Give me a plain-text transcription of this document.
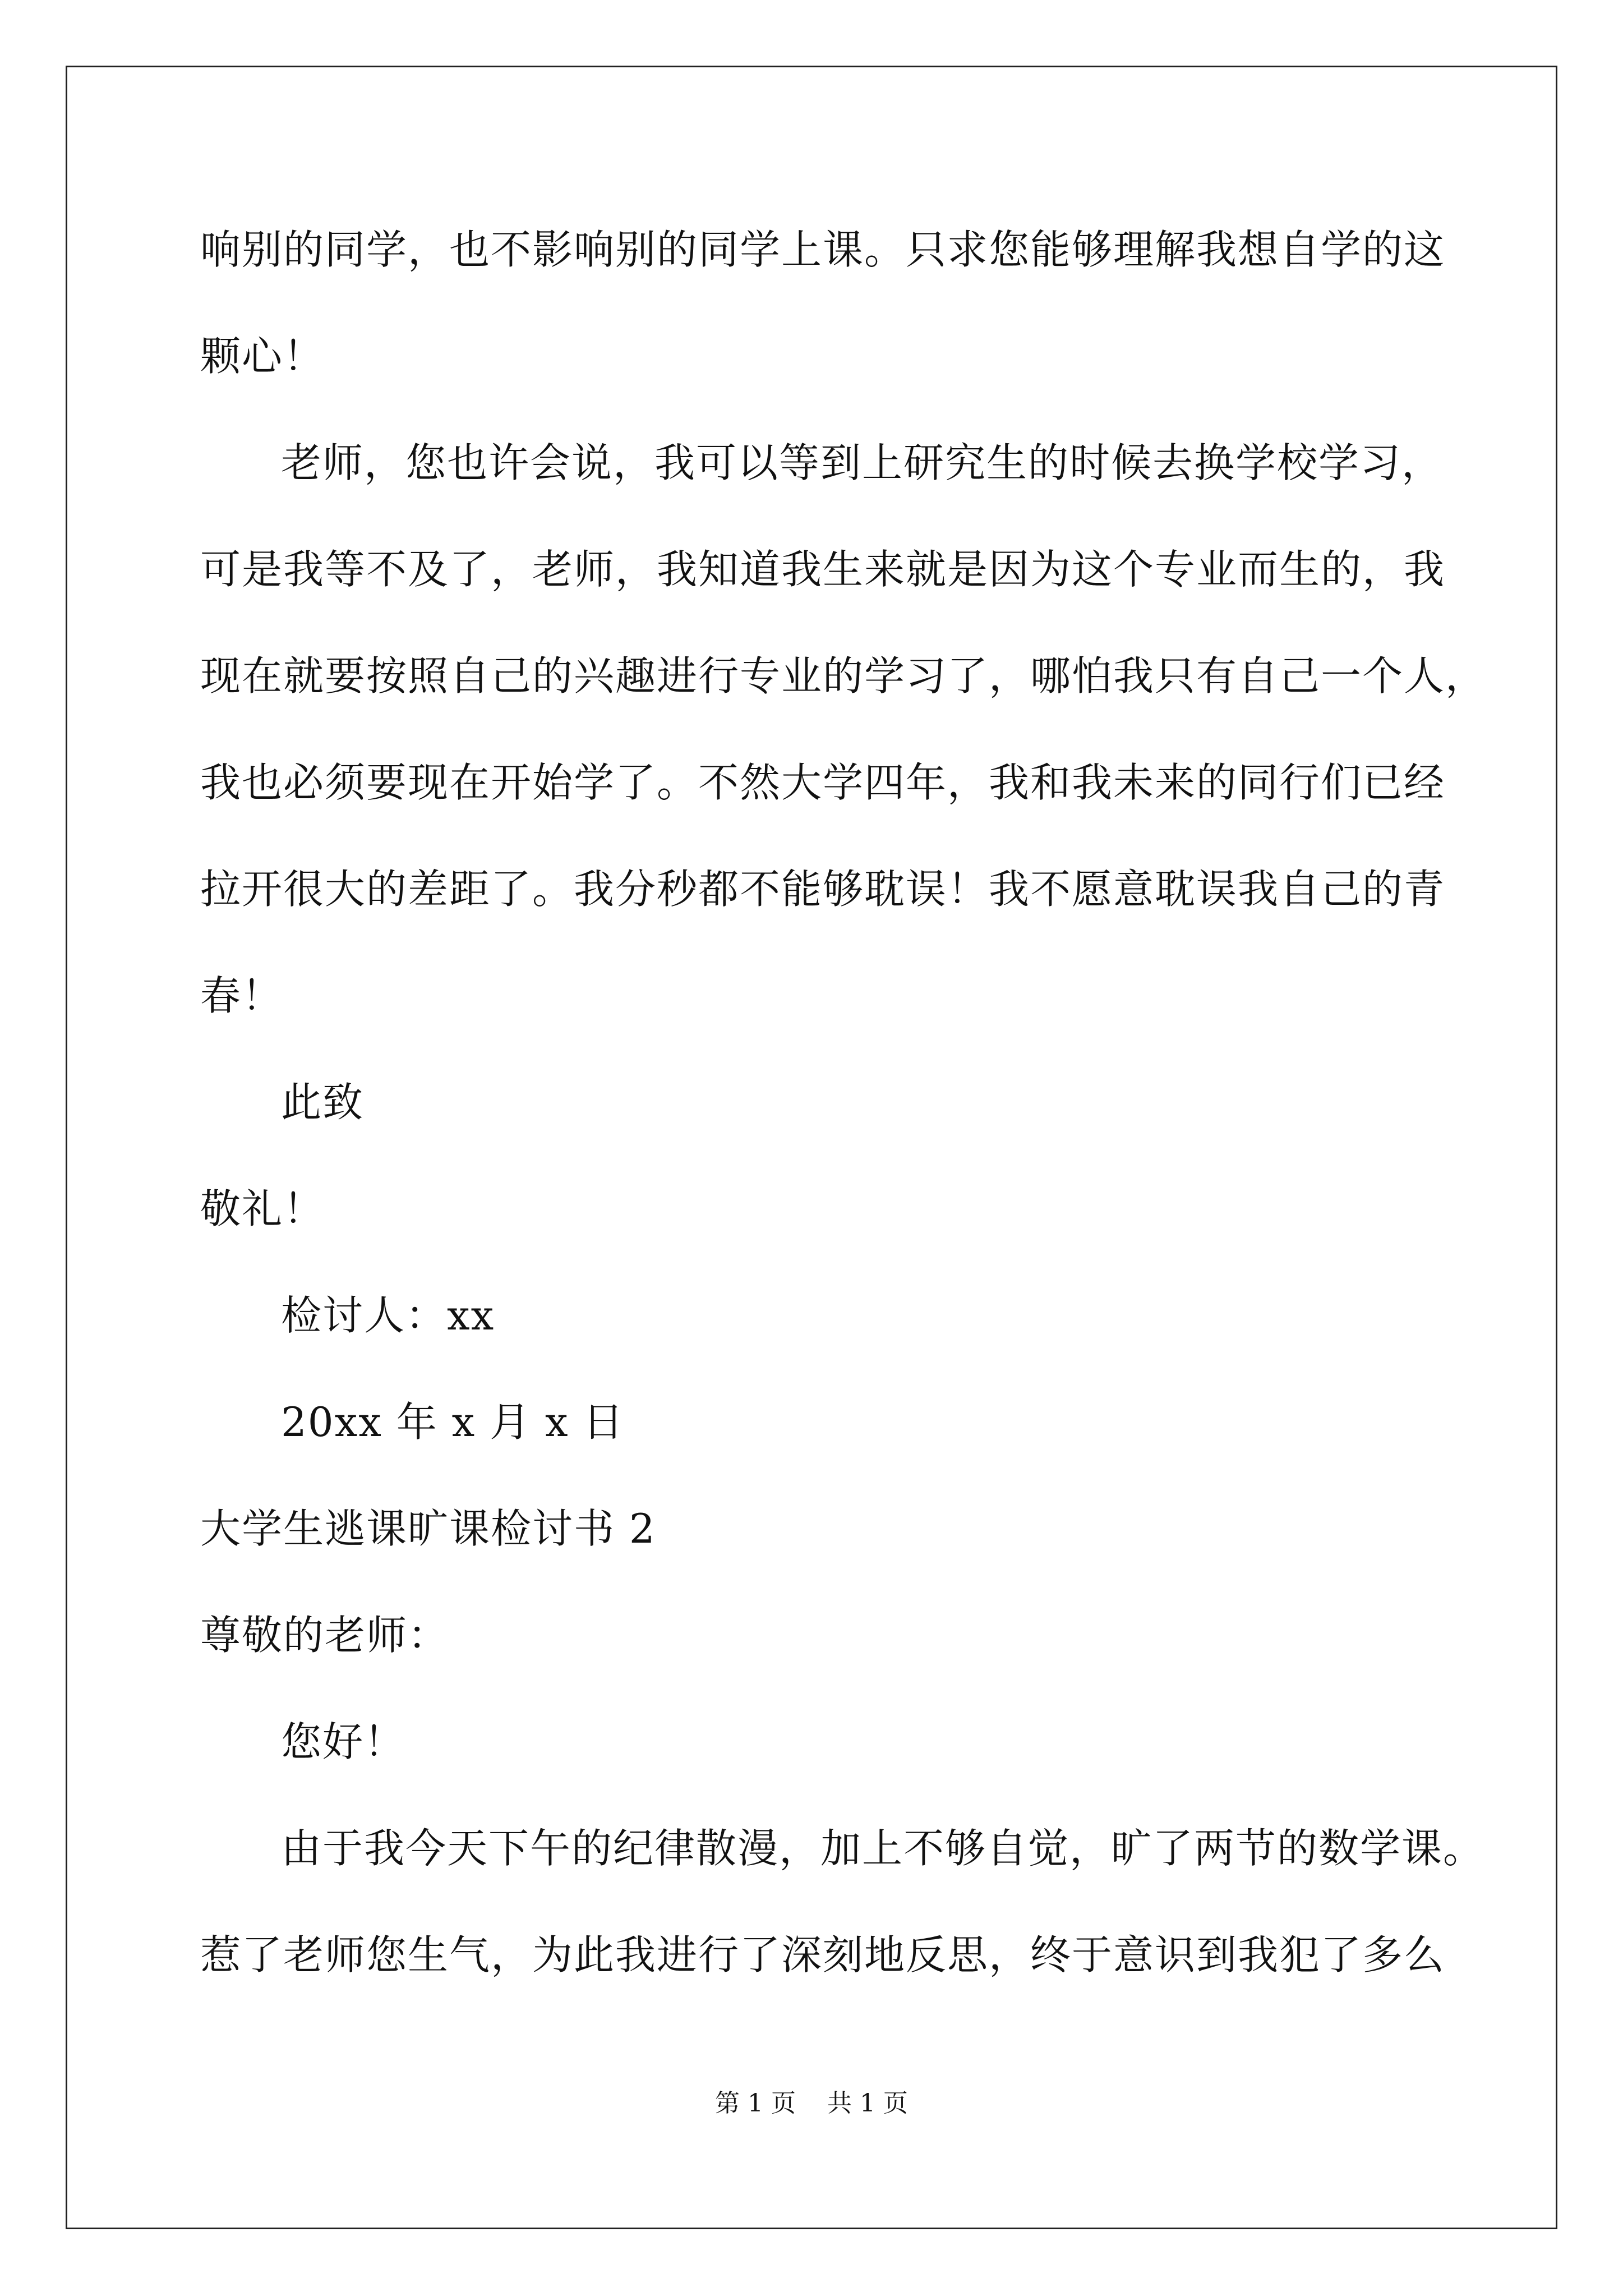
响别的同学，也不影响别的同学上课。只求您能够理解我想自学的这
颗心！
老师，您也许会说，我可以等到上研究生的时候去换学校学习，
可是我等不及了，老师，我知道我生来就是因为这个专业而生的，我
现在就要按照自己的兴趣进行专业的学习了，哪怕我只有自己一个人，
我也必须要现在开始学了。不然大学四年，我和我未来的同行们已经
拉开很大的差距了。我分秒都不能够耽误！我不愿意耽误我自己的青
春！
此致
敬礼！
检讨人：xx
20xx 年 x 月 x 日
大学生逃课旷课检讨书 2
尊敬的老师：
您好！
由于我今天下午的纪律散漫，加上不够自觉，旷了两节的数学课。
惹了老师您生气，为此我进行了深刻地反思，终于意识到我犯了多么
第 1 页    共 1 页
